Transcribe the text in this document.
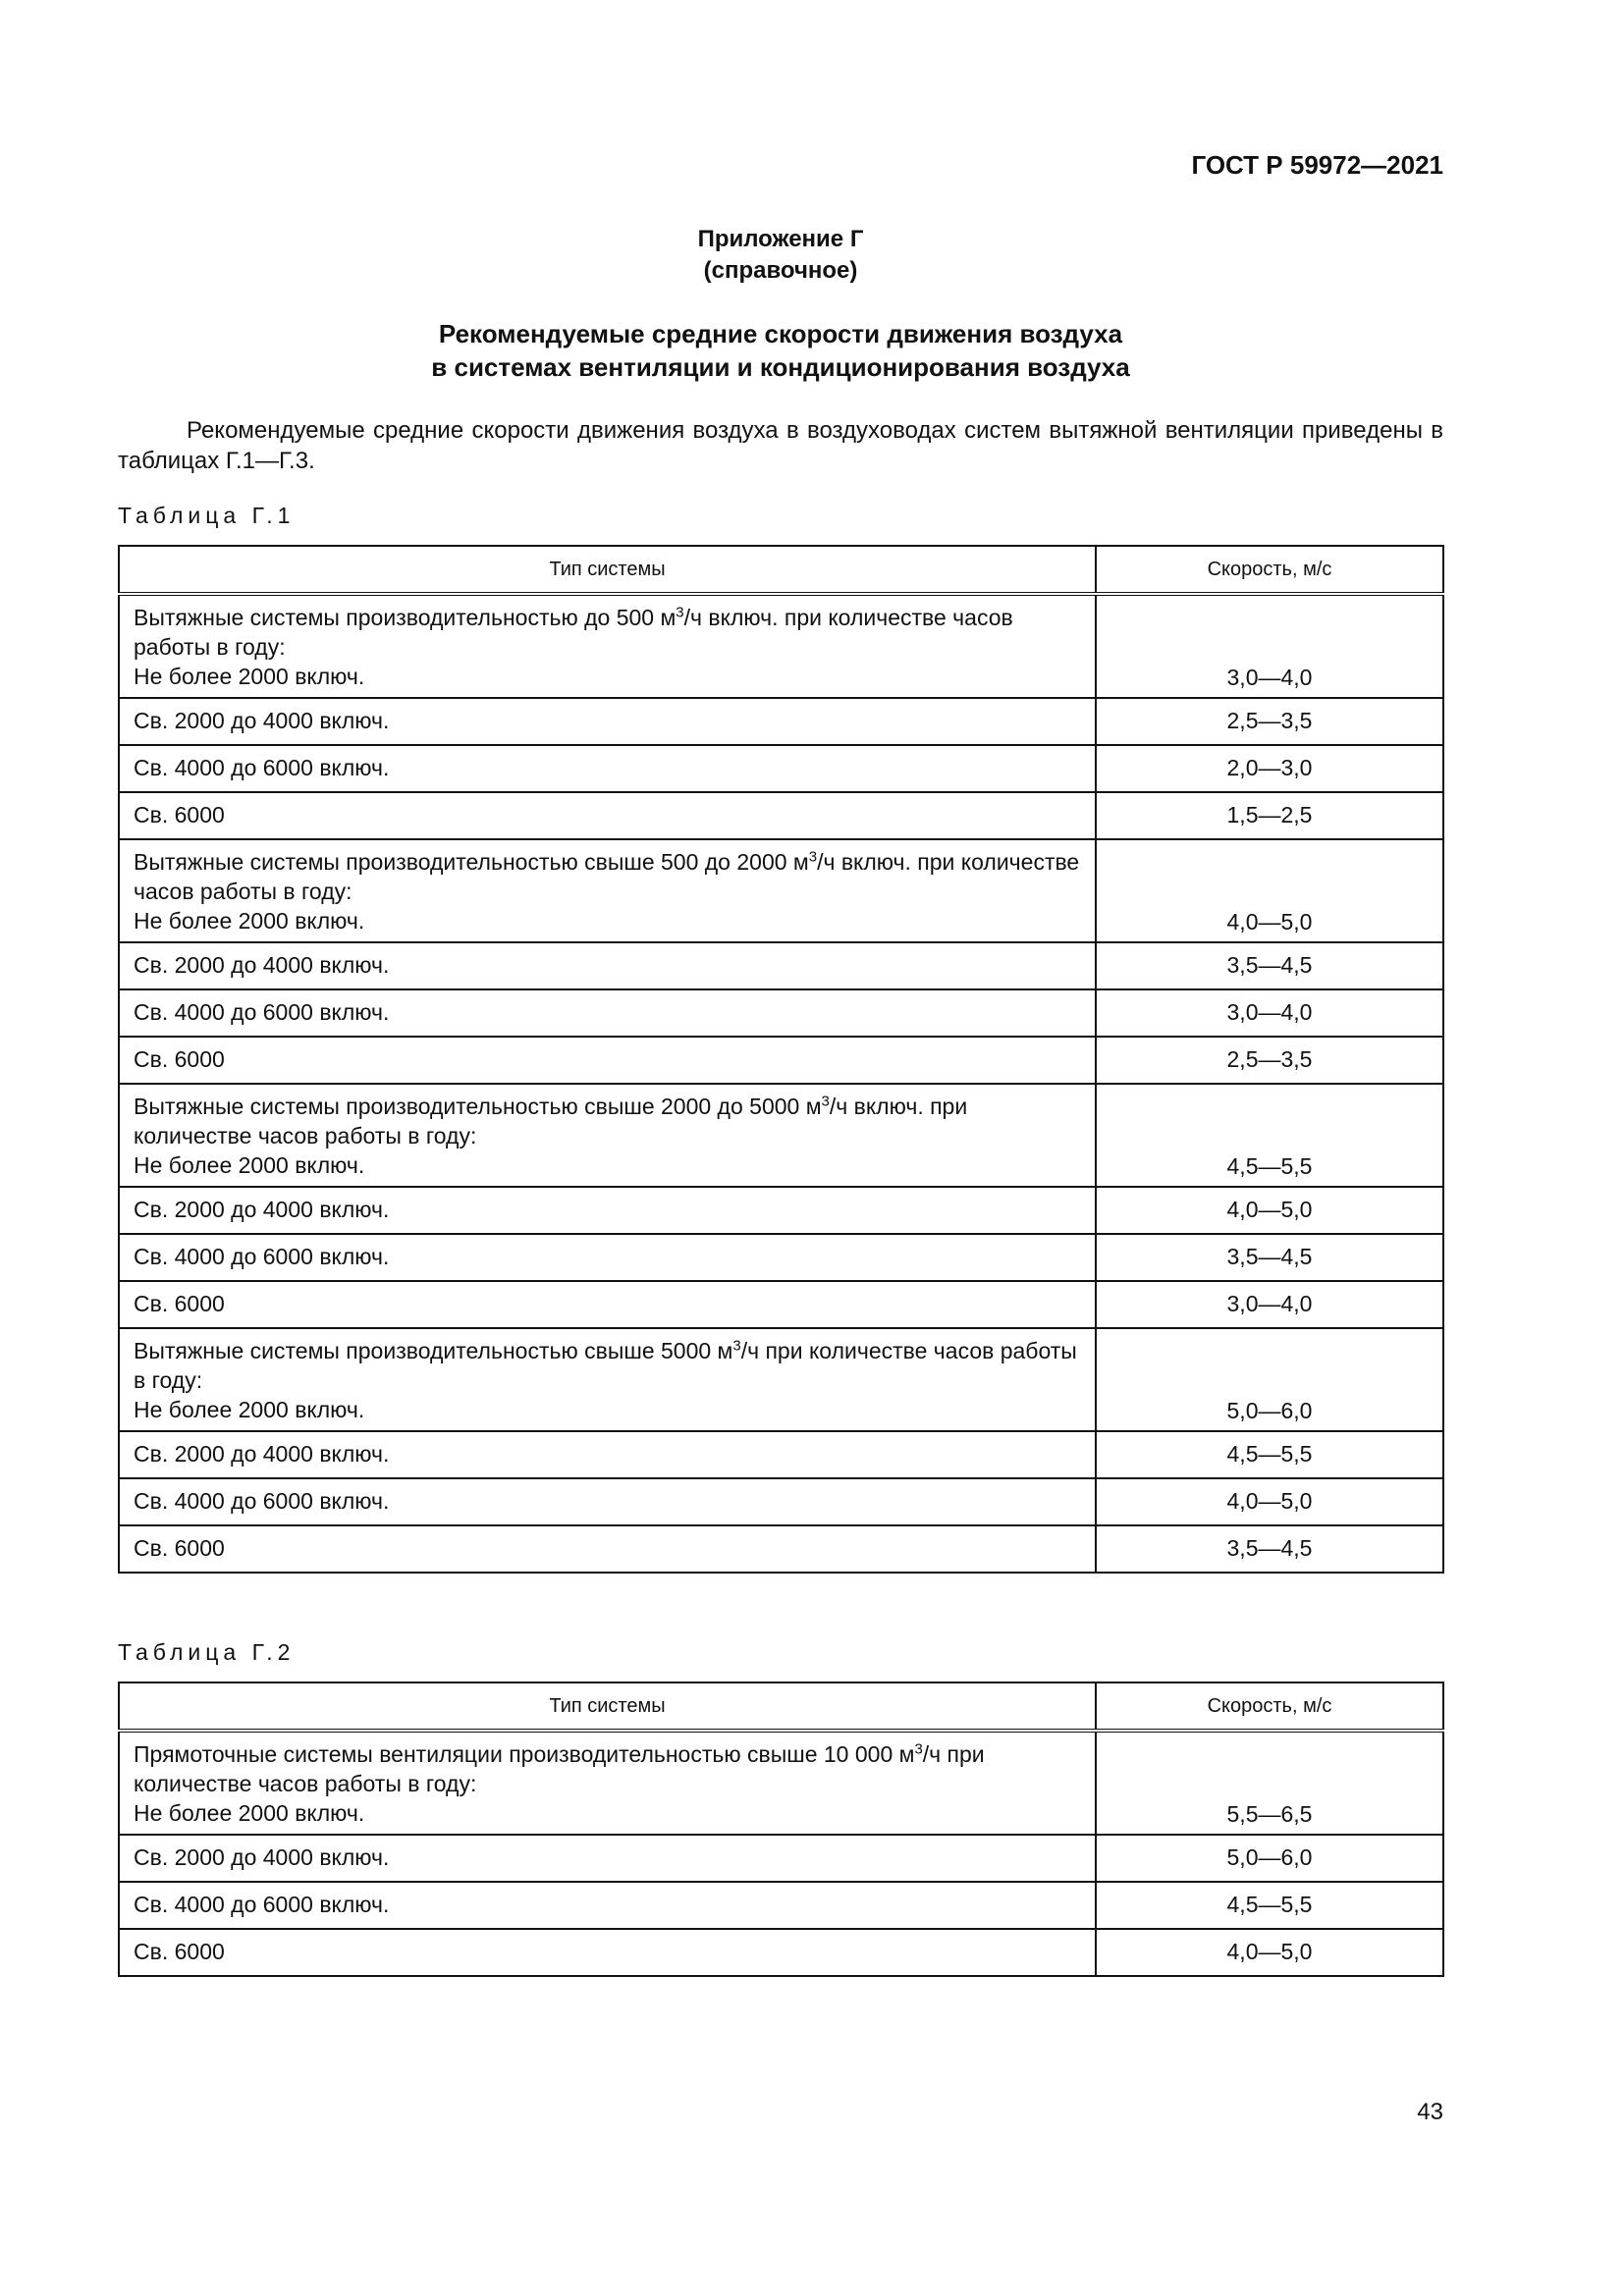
ГОСТ Р 59972—2021
Приложение Г
(справочное)
Рекомендуемые средние скорости движения воздуха
в системах вентиляции и кондиционирования воздуха
Рекомендуемые средние скорости движения воздуха в воздуховодах систем вытяжной вентиляции приведены в таблицах Г.1—Г.3.
Таблица Г.1
Тип системы	Скорость, м/с

Вытяжные системы производительностью до 500 $м^3/ч$ включ. при количестве часов работы в году:
Не более 2000 включ.	3,0—4,0
Св. 2000 до 4000 включ.	2,5—3,5
Св. 4000 до 6000 включ.	2,0—3,0
Св. 6000	1,5—2,5

Вытяжные системы производительностью свыше 500 до 2000 $м^3/ч$ включ. при количестве часов работы в году:
Не более 2000 включ.	4,0—5,0
Св. 2000 до 4000 включ.	3,5—4,5
Св. 4000 до 6000 включ.	3,0—4,0
Св. 6000	2,5—3,5

Вытяжные системы производительностью свыше 2000 до 5000 $м^3/ч$ включ. при количестве часов работы в году:
Не более 2000 включ.	4,5—5,5
Св. 2000 до 4000 включ.	4,0—5,0
Св. 4000 до 6000 включ.	3,5—4,5
Св. 6000	3,0—4,0

Вытяжные системы производительностью свыше 5000 $м^3/ч$ при количестве часов работы в году:
Не более 2000 включ.	5,0—6,0
Св. 2000 до 4000 включ.	4,5—5,5
Св. 4000 до 6000 включ.	4,0—5,0
Св. 6000	3,5—4,5
Таблица Г.2
Тип системы	Скорость, м/с

Прямоточные системы вентиляции производительностью свыше 10 000 $м^3/ч$ при количестве часов работы в году:
Не более 2000 включ.	5,5—6,5
Св. 2000 до 4000 включ.	5,0—6,0
Св. 4000 до 6000 включ.	4,5—5,5
Св. 6000	4,0—5,0
43
